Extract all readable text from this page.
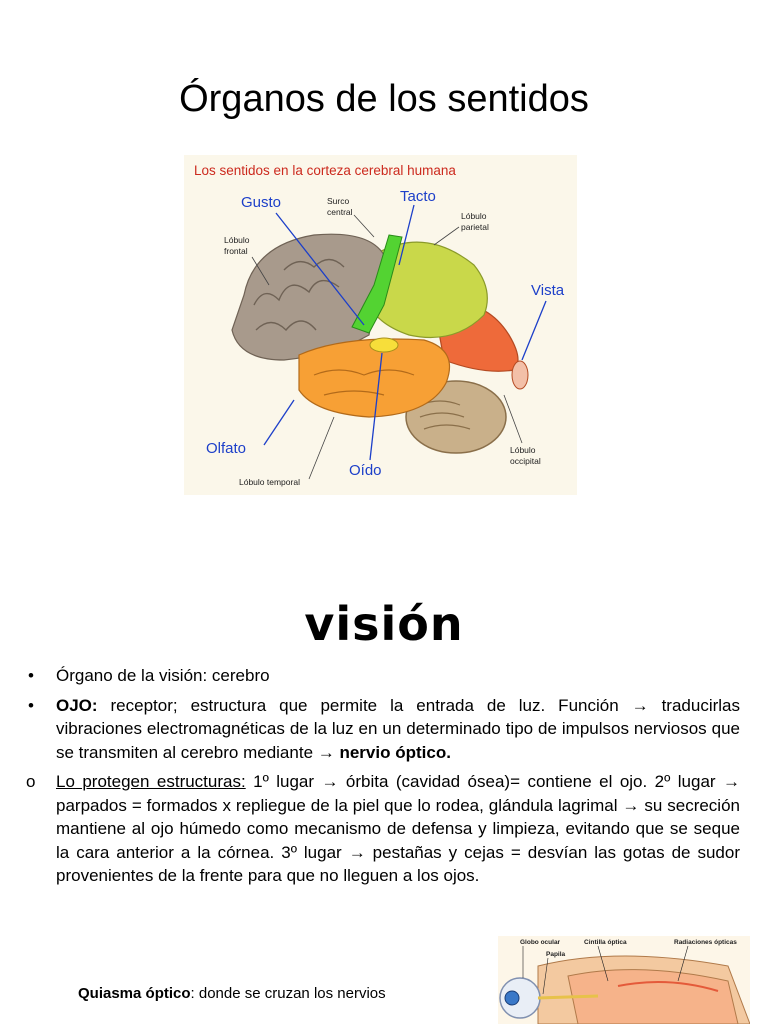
Órganos de los sentidos
Los sentidos en la corteza cerebral humana
Gusto	Tacto
Vista
Olfato
Oído
Surco
central	Lóbulo
parietal
Lóbulo
frontal
Lóbulo
occipital
Lóbulo temporal
visión
• Órgano de la visión: cerebro
• OJO: receptor; estructura que permite la entrada de luz. Función → traducirlas vibraciones electromagnéticas de la luz en un determinado tipo de impulsos nerviosos que se transmiten al cerebro mediante → nervio óptico.
o Lo protegen estructuras: 1º lugar → órbita (cavidad ósea)= contiene el ojo. 2º lugar → parpados = formados x repliegue de la piel que lo rodea, glándula lagrimal → su secreción mantiene al ojo húmedo como mecanismo de defensa y limpieza, evitando que se seque la cara anterior a la córnea. 3º lugar → pestañas y cejas = desvían las gotas de sudor provenientes de la frente para que no lleguen a los ojos.
Quiasma óptico: donde se cruzan los nervios
Globo ocular
Papila
Cintilla óptica	Radiaciones ópticas
